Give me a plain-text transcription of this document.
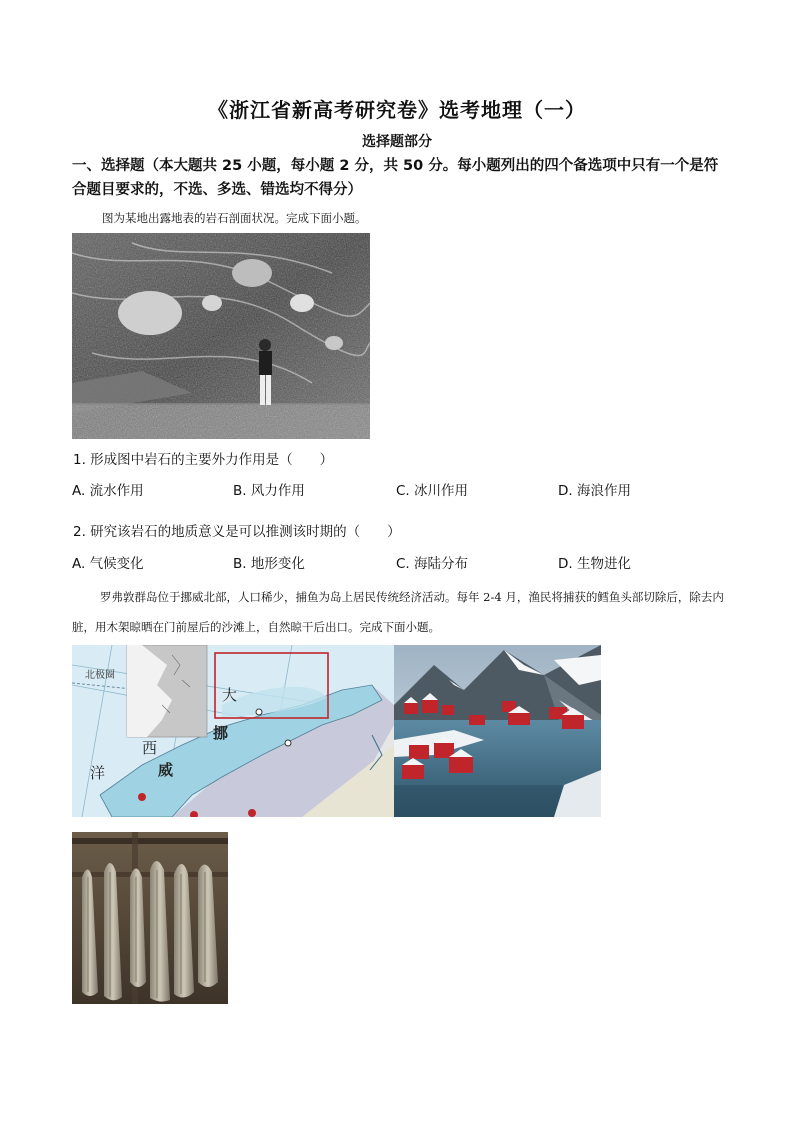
《浙江省新高考研究卷》选考地理（一）
选择题部分
一、选择题（本大题共 25 小题，每小题 2 分，共 50 分。每小题列出的四个备选项中只有一个是符合题目要求的，不选、多选、错选均不得分）
图为某地出露地表的岩石剖面状况。完成下面小题。
1. 形成图中岩石的主要外力作用是（　　）
A. 流水作用	B. 风力作用	C. 冰川作用	D. 海浪作用
2. 研究该岩石的地质意义是可以推测该时期的（　　）
A. 气候变化	B. 地形变化	C. 海陆分布	D. 生物进化
罗弗敦群岛位于挪威北部，人口稀少，捕鱼为岛上居民传统经济活动。每年 2-4 月，渔民将捕获的鳕鱼头部切除后，除去内脏，用木架晾晒在门前屋后的沙滩上，自然晾干后出口。完成下面小题。
北极圈
大
西
洋
挪
威
